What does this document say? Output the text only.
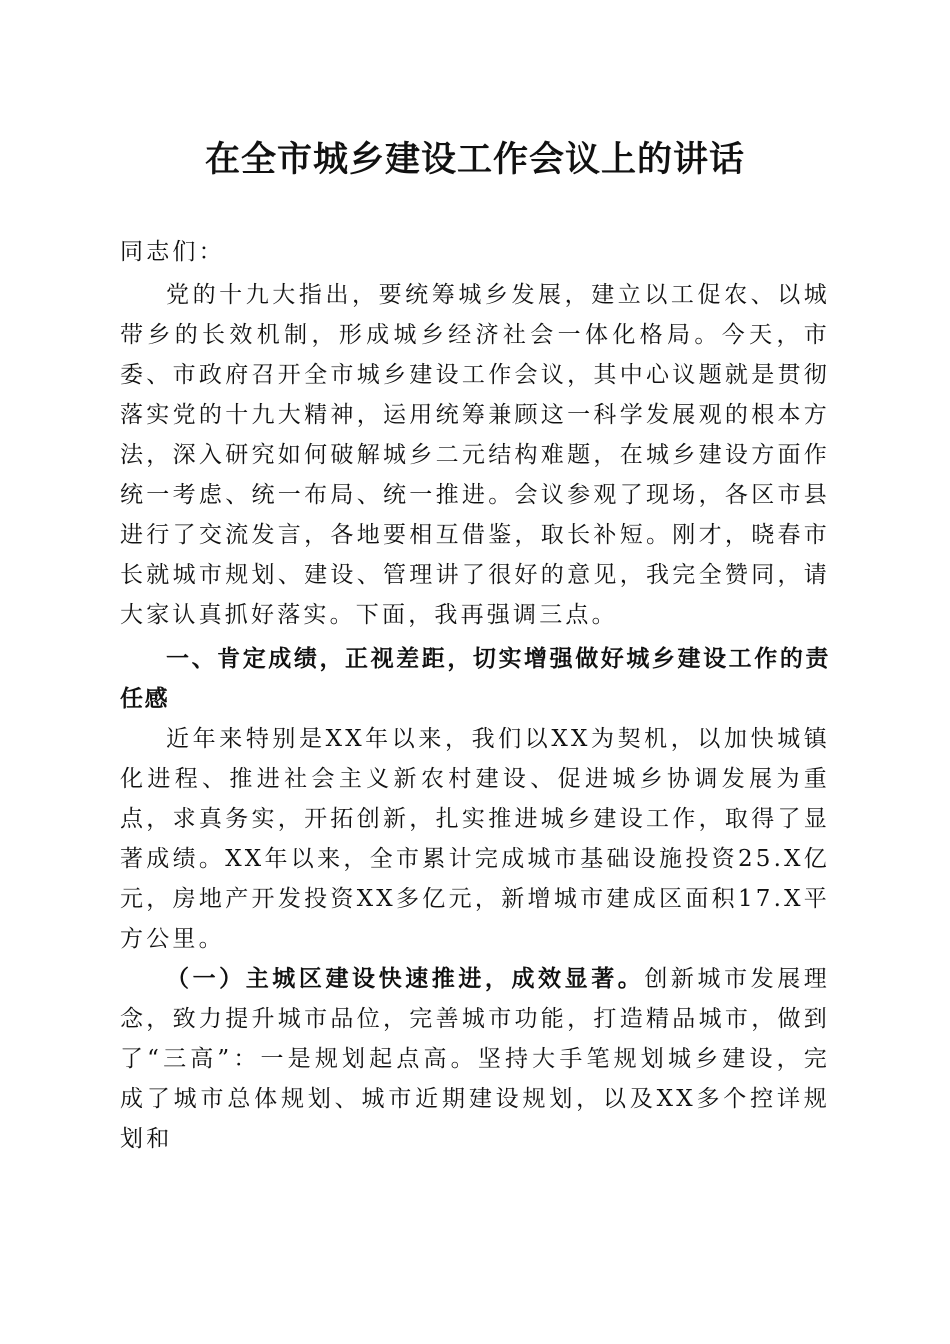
在全市城乡建设工作会议上的讲话

同志们：

党的十九大指出，要统筹城乡发展，建立以工促农、以城带乡的长效机制，形成城乡经济社会一体化格局。今天，市委、市政府召开全市城乡建设工作会议，其中心议题就是贯彻落实党的十九大精神，运用统筹兼顾这一科学发展观的根本方法，深入研究如何破解城乡二元结构难题，在城乡建设方面作统一考虑、统一布局、统一推进。会议参观了现场，各区市县进行了交流发言，各地要相互借鉴，取长补短。刚才，晓春市长就城市规划、建设、管理讲了很好的意见，我完全赞同，请大家认真抓好落实。下面，我再强调三点。

一、肯定成绩，正视差距，切实增强做好城乡建设工作的责任感

近年来特别是XX年以来，我们以XX为契机，以加快城镇化进程、推进社会主义新农村建设、促进城乡协调发展为重点，求真务实，开拓创新，扎实推进城乡建设工作，取得了显著成绩。XX年以来，全市累计完成城市基础设施投资25.X亿元，房地产开发投资XX多亿元，新增城市建成区面积17.X平方公里。

（一）主城区建设快速推进，成效显著。创新城市发展理念，致力提升城市品位，完善城市功能，打造精品城市，做到了“三高”：一是规划起点高。坚持大手笔规划城乡建设，完成了城市总体规划、城市近期建设规划，以及XX多个控详规划和
